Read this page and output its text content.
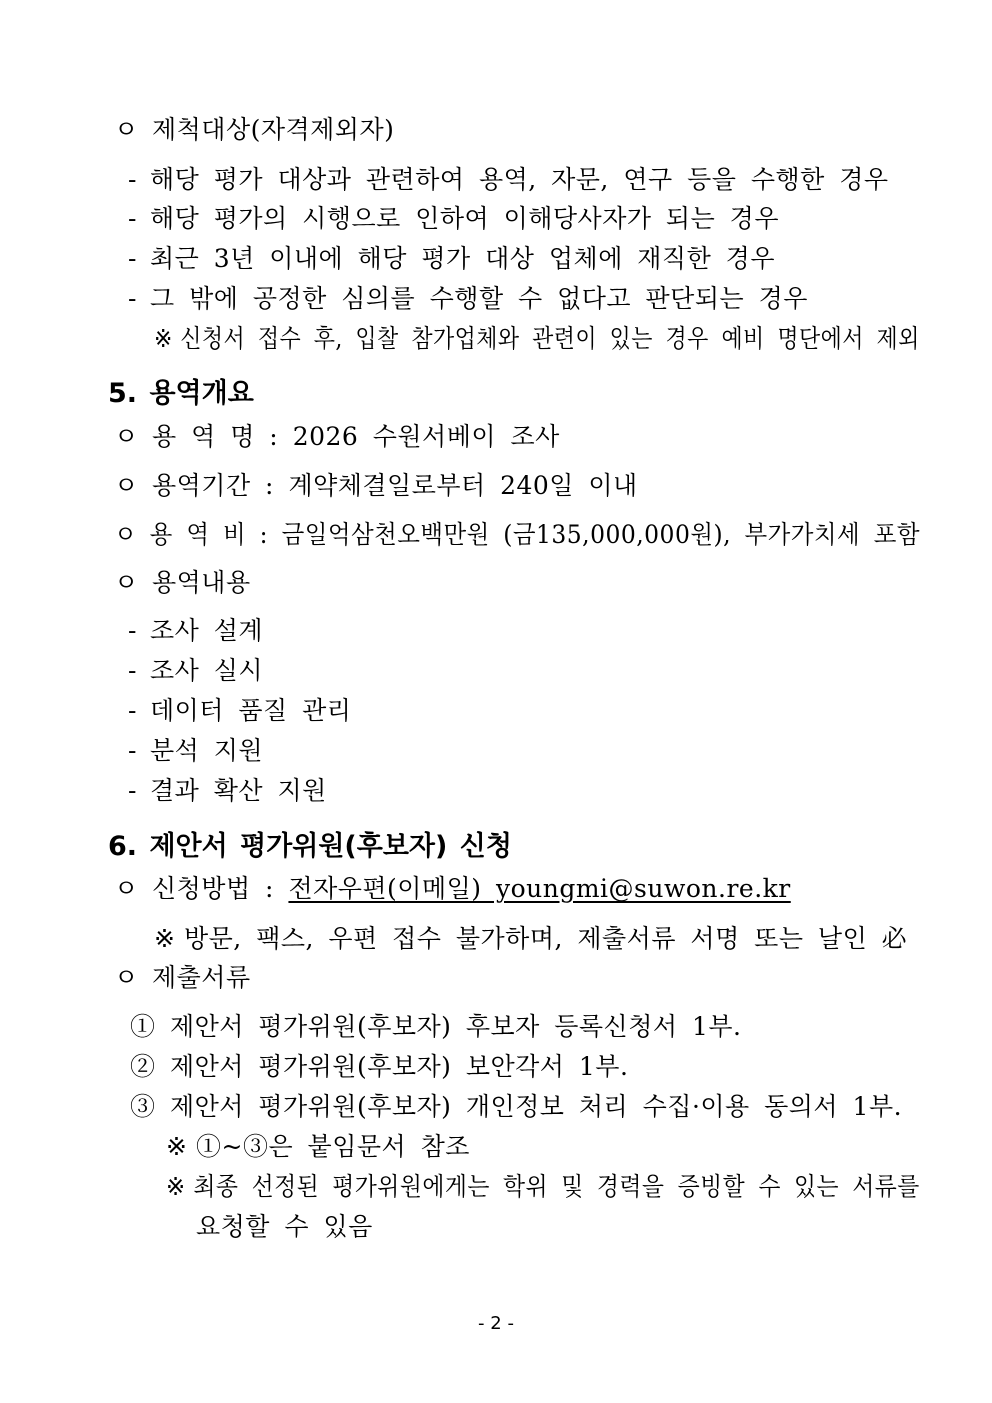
ㅇ 제척대상(자격제외자)
- 해당 평가 대상과 관련하여 용역, 자문, 연구 등을 수행한 경우
- 해당 평가의 시행으로 인하여 이해당사자가 되는 경우
- 최근 3년 이내에 해당 평가 대상 업체에 재직한 경우
- 그 밖에 공정한 심의를 수행할 수 없다고 판단되는 경우
※ 신청서 접수 후, 입찰 참가업체와 관련이 있는 경우 예비 명단에서 제외
5. 용역개요
ㅇ 용 역 명 : 2026 수원서베이 조사
ㅇ 용역기간 : 계약체결일로부터 240일 이내
ㅇ 용 역 비 : 금일억삼천오백만원 (금135,000,000원), 부가가치세 포함
ㅇ 용역내용
- 조사 설계
- 조사 실시
- 데이터 품질 관리
- 분석 지원
- 결과 확산 지원
6. 제안서 평가위원(후보자) 신청
ㅇ 신청방법 : 전자우편(이메일) youngmi@suwon.re.kr
※ 방문, 팩스, 우편 접수 불가하며, 제출서류 서명 또는 날인 必
ㅇ 제출서류
① 제안서 평가위원(후보자) 후보자 등록신청서 1부.
② 제안서 평가위원(후보자) 보안각서 1부.
③ 제안서 평가위원(후보자) 개인정보 처리 수집·이용 동의서 1부.
※ ①~③은 붙임문서 참조
※ 최종 선정된 평가위원에게는 학위 및 경력을 증빙할 수 있는 서류를
요청할 수 있음
- 2 -
